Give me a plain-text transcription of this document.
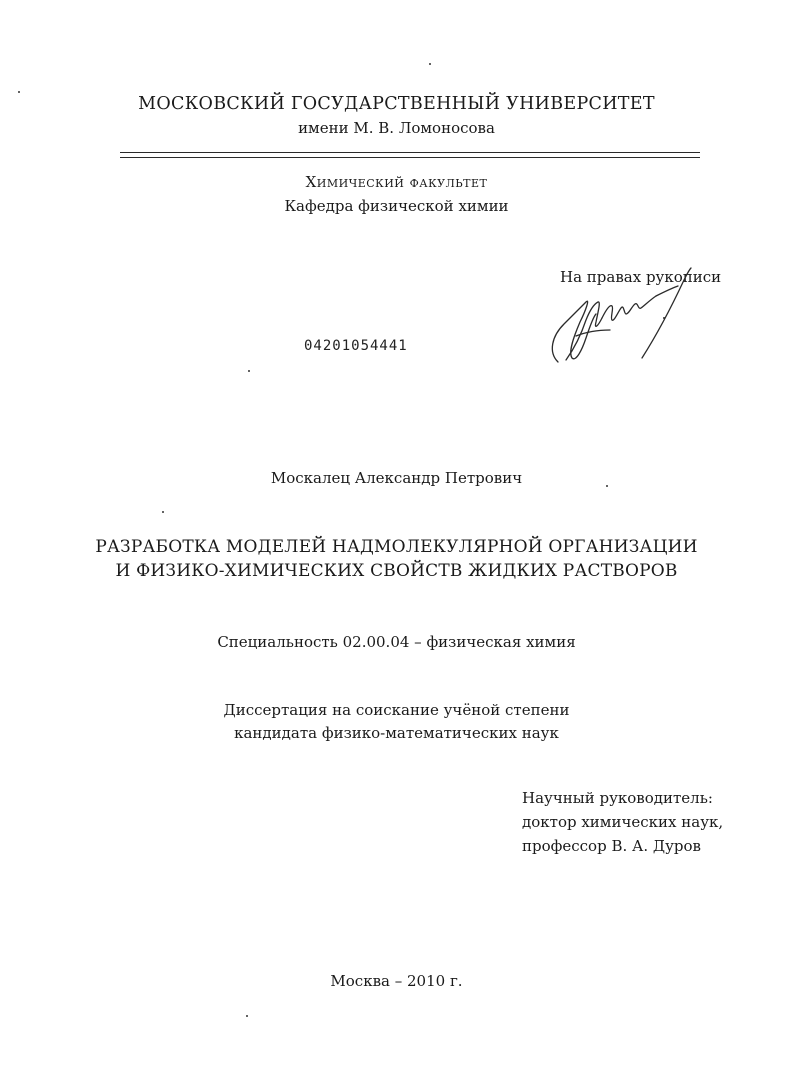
МОСКОВСКИЙ ГОСУДАРСТВЕННЫЙ УНИВЕРСИТЕТ
имени М. В. Ломоносова
Химический факультет
Кафедра физической химии
На правах рукописи
04201054441
Москалец Александр Петрович
РАЗРАБОТКА МОДЕЛЕЙ НАДМОЛЕКУЛЯРНОЙ ОРГАНИЗАЦИИ
И ФИЗИКО-ХИМИЧЕСКИХ СВОЙСТВ ЖИДКИХ РАСТВОРОВ
Специальность 02.00.04 – физическая химия
Диссертация на соискание учёной степени
кандидата физико-математических наук
Научный руководитель:
доктор химических наук,
профессор В. А. Дуров
Москва – 2010 г.
